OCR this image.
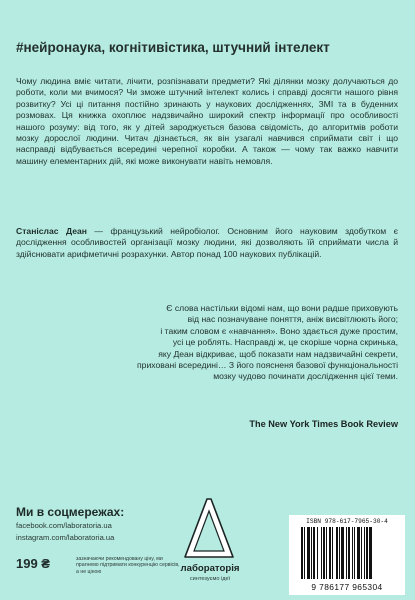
#нейронаука, когнітивістика, штучний інтелект
Чому людина вміє читати, лічити, розпізнавати предмети? Які ділянки мозку долучаються до роботи, коли ми вчимося? Чи зможе штучний інтелект колись і справді досягти нашого рівня розвитку? Усі ці питання постійно зринають у наукових дослідженнях, ЗМІ та в буденних розмовах. Ця книжка охоплює надзвичайно широкий спектр інформації про особливості нашого розуму: від того, як у дітей зароджується базова свідомість, до алгоритмів роботи мозку дорослої людини. Читач дізнається, як він узагалі навчився сприймати світ і що насправді відбувається всередині черепної коробки. А також — чому так важко навчити машину елементарних дій, які може виконувати навіть немовля.
Станіслас Деан — французький нейробіолог. Основним його науковим здобутком є дослідження особливостей організації мозку людини, які дозволяють їй сприймати числа й здійснювати арифметичні розрахунки. Автор понад 100 наукових публікацій.
Є слова настільки відомі нам, що вони радше приховують
від нас позначуване поняття, аніж висвітлюють його;
і таким словом є «навчання». Воно здається дуже простим,
усі це роблять. Насправді ж, це скоріше чорна скринька,
яку Деан відкриває, щоб показати нам надзвичайні секрети,
приховані всередині… З його поясненя базової функціональності
мозку чудово починати дослідження цієї теми.
The New York Times Book Review
Ми в соцмережах:
facebook.com/laboratoria.ua
instagram.com/laboratoria.ua
199 ₴	зазначаючи рекомендовану ціну, ми прагнемо підтримати конкуренцію сервісів, а не ціною	лабораторія
синтезуємо ідеї
ISBN 978-617-7965-30-4
9 786177 965304
